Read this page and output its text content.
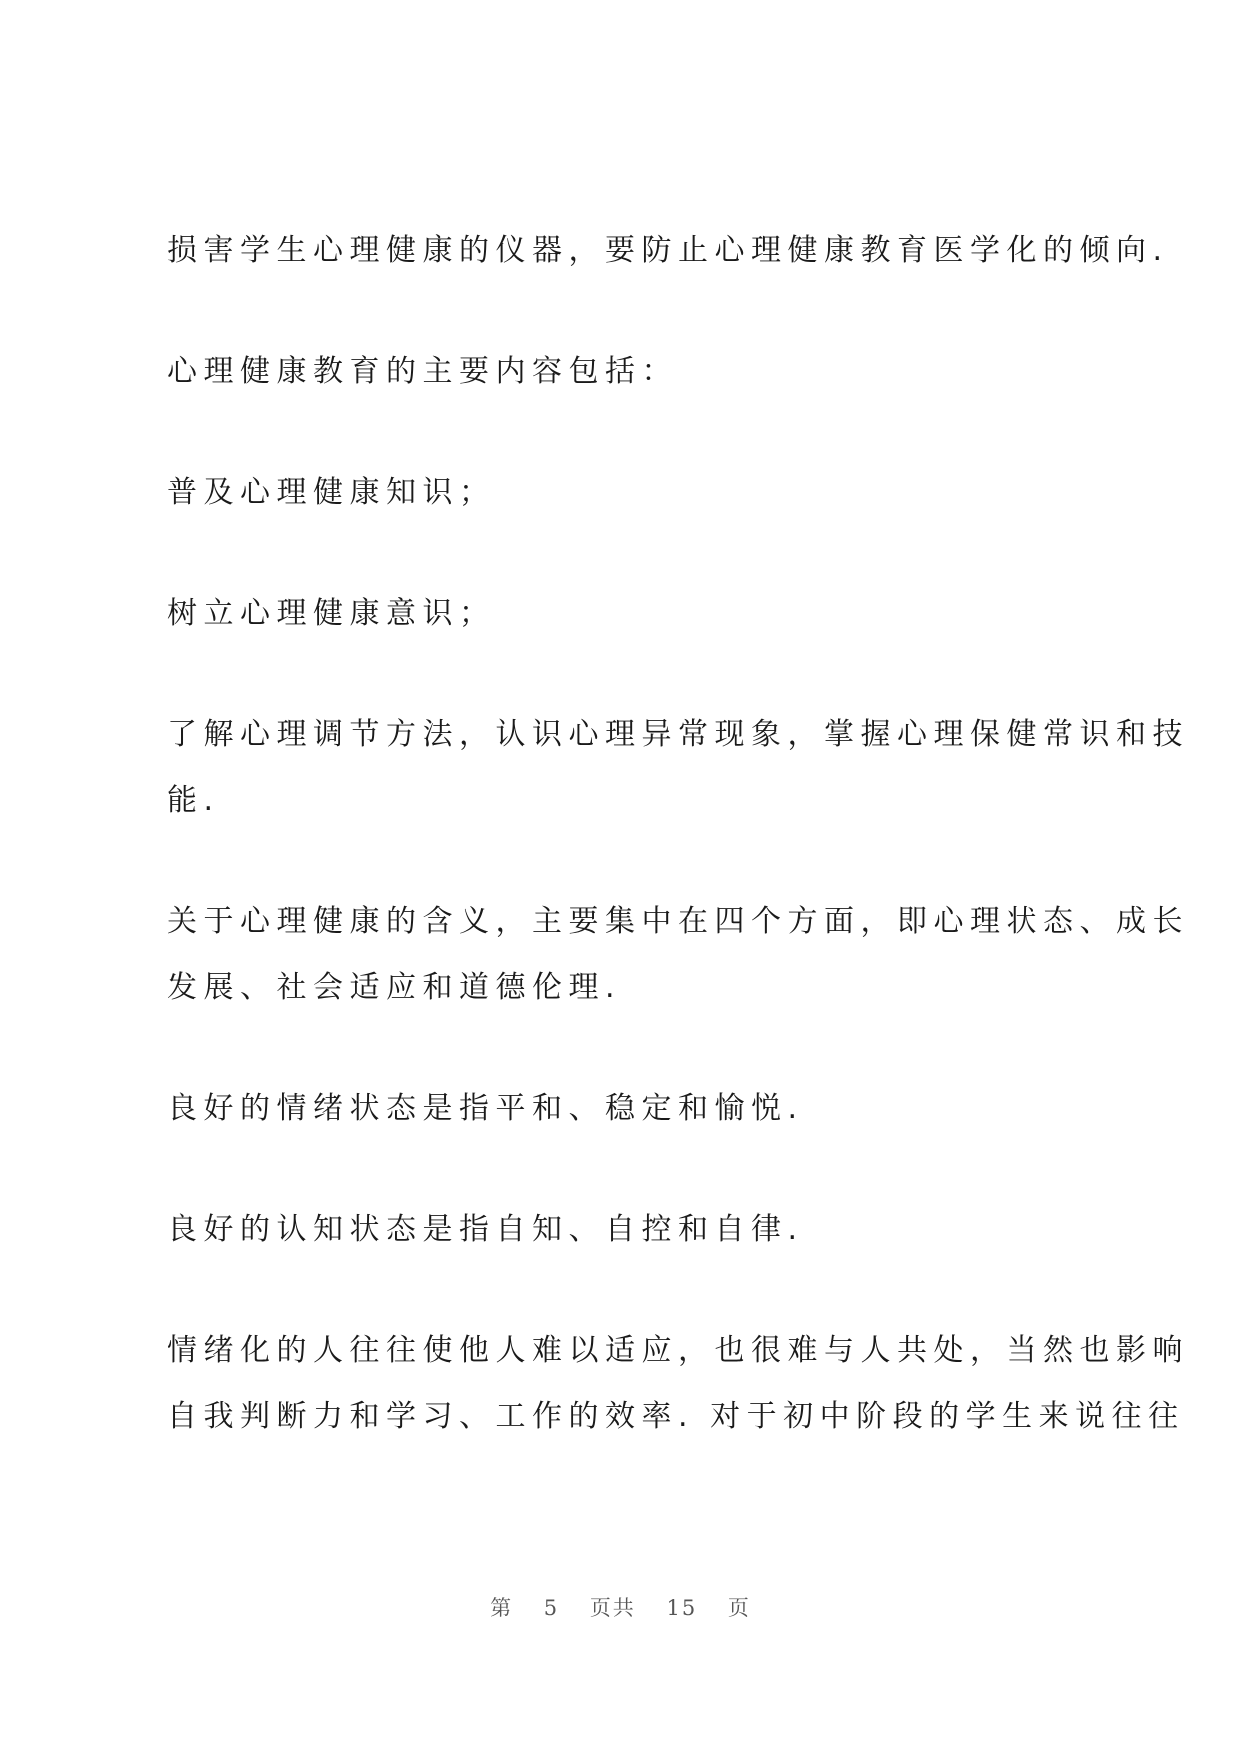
损害学生心理健康的仪器，要防止心理健康教育医学化的倾向.
心理健康教育的主要内容包括：
普及心理健康知识；
树立心理健康意识；
了解心理调节方法，认识心理异常现象，掌握心理保健常识和技
能.
关于心理健康的含义，主要集中在四个方面，即心理状态、成长
发展、社会适应和道德伦理.
良好的情绪状态是指平和、稳定和愉悦.
良好的认知状态是指自知、自控和自律.
情绪化的人往往使他人难以适应，也很难与人共处，当然也影响
自我判断力和学习、工作的效率. 对于初中阶段的学生来说往往
第 5 页共 15 页
